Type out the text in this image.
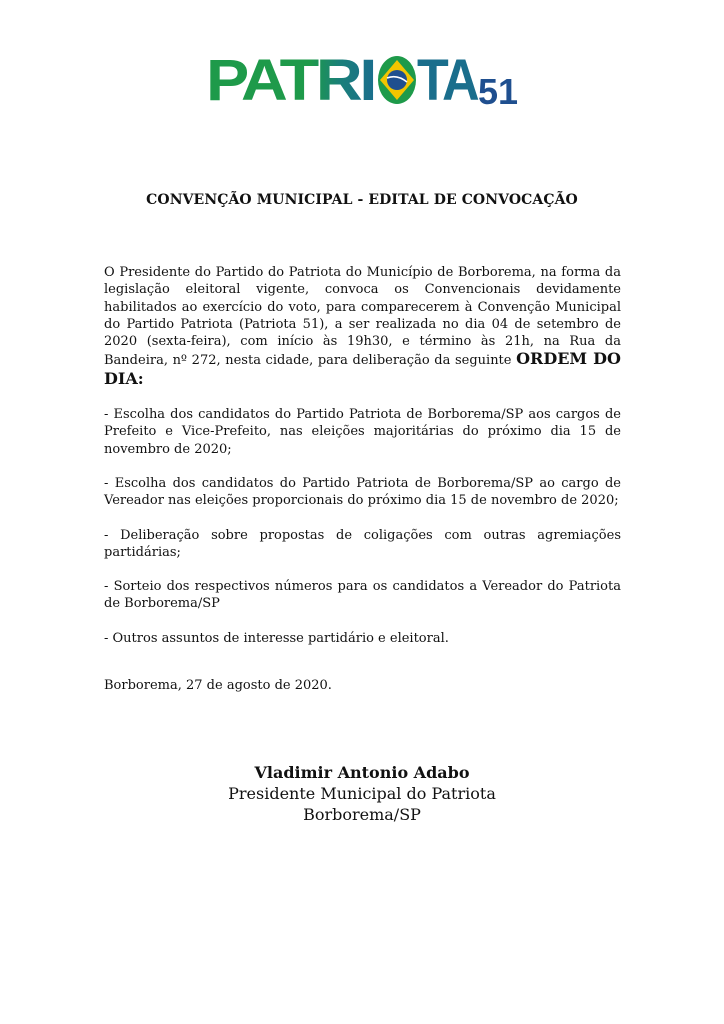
PATRI TA 51
CONVENÇÃO MUNICIPAL - EDITAL DE CONVOCAÇÃO

O Presidente do Partido do Patriota do Município de Borborema, na forma da legislação eleitoral vigente, convoca os Convencionais devidamente habilitados ao exercício do voto, para comparecerem à Convenção Municipal do Partido Patriota (Patriota 51), a ser realizada no dia 04 de setembro de 2020 (sexta-feira), com início às 19h30, e término às 21h, na Rua da Bandeira, nº 272, nesta cidade, para deliberação da seguinte ORDEM DO DIA:

- Escolha dos candidatos do Partido Patriota de Borborema/SP aos cargos de Prefeito e Vice-Prefeito, nas eleições majoritárias do próximo dia 15 de novembro de 2020;

- Escolha dos candidatos do Partido Patriota de Borborema/SP ao cargo de Vereador nas eleições proporcionais do próximo dia 15 de novembro de 2020;

- Deliberação sobre propostas de coligações com outras agremiações partidárias;

- Sorteio dos respectivos números para os candidatos a Vereador do Patriota de Borborema/SP

- Outros assuntos de interesse partidário e eleitoral.

Borborema, 27 de agosto de 2020.
Vladimir Antonio Adabo
Presidente Municipal do Patriota
Borborema/SP
